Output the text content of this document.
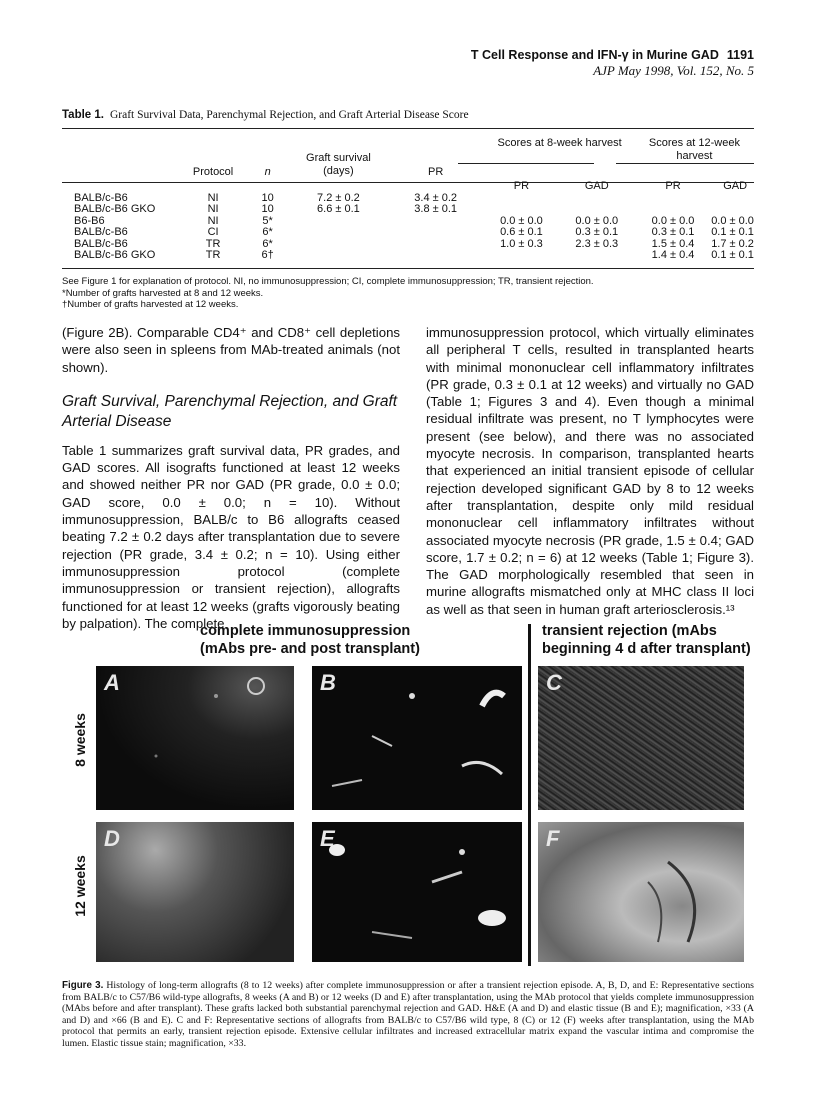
T Cell Response and IFN-γ in Murine GAD 1191
AJP May 1998, Vol. 152, No. 5
Table 1. Graft Survival Data, Parenchymal Rejection, and Graft Arterial Disease Score
	Protocol	n	Graft survival (days)	PR	Scores at 8-week harvest		Scores at 12-week harvest	
					PR	GAD	PR	GAD
BALB/c-B6	NI	10	7.2 ± 0.2	3.4 ± 0.2				
BALB/c-B6 GKO	NI	10	6.6 ± 0.1	3.8 ± 0.1				
B6-B6	NI	5*			0.0 ± 0.0	0.0 ± 0.0	0.0 ± 0.0	0.0 ± 0.0
BALB/c-B6	CI	6*			0.6 ± 0.1	0.3 ± 0.1	0.3 ± 0.1	0.1 ± 0.1
BALB/c-B6	TR	6*			1.0 ± 0.3	2.3 ± 0.3	1.5 ± 0.4	1.7 ± 0.2
BALB/c-B6 GKO	TR	6†					1.4 ± 0.4	0.1 ± 0.1
See Figure 1 for explanation of protocol. NI, no immunosuppression; CI, complete immunosuppression; TR, transient rejection.
*Number of grafts harvested at 8 and 12 weeks.
†Number of grafts harvested at 12 weeks.

(Figure 2B). Comparable CD4⁺ and CD8⁺ cell depletions were also seen in spleens from MAb-treated animals (not shown).

Graft Survival, Parenchymal Rejection, and Graft Arterial Disease

Table 1 summarizes graft survival data, PR grades, and GAD scores. All isografts functioned at least 12 weeks and showed neither PR nor GAD (PR grade, 0.0 ± 0.0; GAD score, 0.0 ± 0.0; n = 10). Without immunosuppression, BALB/c to B6 allografts ceased beating 7.2 ± 0.2 days after transplantation due to severe rejection (PR grade, 3.4 ± 0.2; n = 10). Using either immunosuppression protocol (complete immunosuppression or transient rejection), allografts functioned for at least 12 weeks (grafts vigorously beating by palpation). The complete

immunosuppression protocol, which virtually eliminates all peripheral T cells, resulted in transplanted hearts with minimal mononuclear cell inflammatory infiltrates (PR grade, 0.3 ± 0.1 at 12 weeks) and virtually no GAD (Table 1; Figures 3 and 4). Even though a minimal residual infiltrate was present, no T lymphocytes were present (see below), and there was no associated myocyte necrosis. In comparison, transplanted hearts that experienced an initial transient episode of cellular rejection developed significant GAD by 8 to 12 weeks after transplantation, despite only mild residual mononuclear cell inflammatory infiltrates without associated myocyte necrosis (PR grade, 1.5 ± 0.4; GAD score, 1.7 ± 0.2; n = 6) at 12 weeks (Table 1; Figure 3). The GAD morphologically resembled that seen in murine allografts mismatched only at MHC class II loci as well as that seen in human graft arteriosclerosis.¹³

complete immunosuppression (mAbs pre- and post transplant)
transient rejection (mAbs beginning 4 d after transplant)
8 weeks
12 weeks
A	B	C
D	E	F
Figure 3. Histology of long-term allografts (8 to 12 weeks) after complete immunosuppression or after a transient rejection episode. A, B, D, and E: Representative sections from BALB/c to C57/B6 wild-type allografts, 8 weeks (A and B) or 12 weeks (D and E) after transplantation, using the MAb protocol that yields complete immunosuppression (MAbs before and after transplant). These grafts lacked both substantial parenchymal rejection and GAD. H&E (A and D) and elastic tissue (B and E); magnification, ×33 (A and D) and ×66 (B and E). C and F: Representative sections of allografts from BALB/c to C57/B6 wild type, 8 (C) or 12 (F) weeks after transplantation, using the MAb protocol that permits an early, transient rejection episode. Extensive cellular infiltrates and increased extracellular matrix expand the vascular intima and compromise the lumen. Elastic tissue stain; magnification, ×33.
